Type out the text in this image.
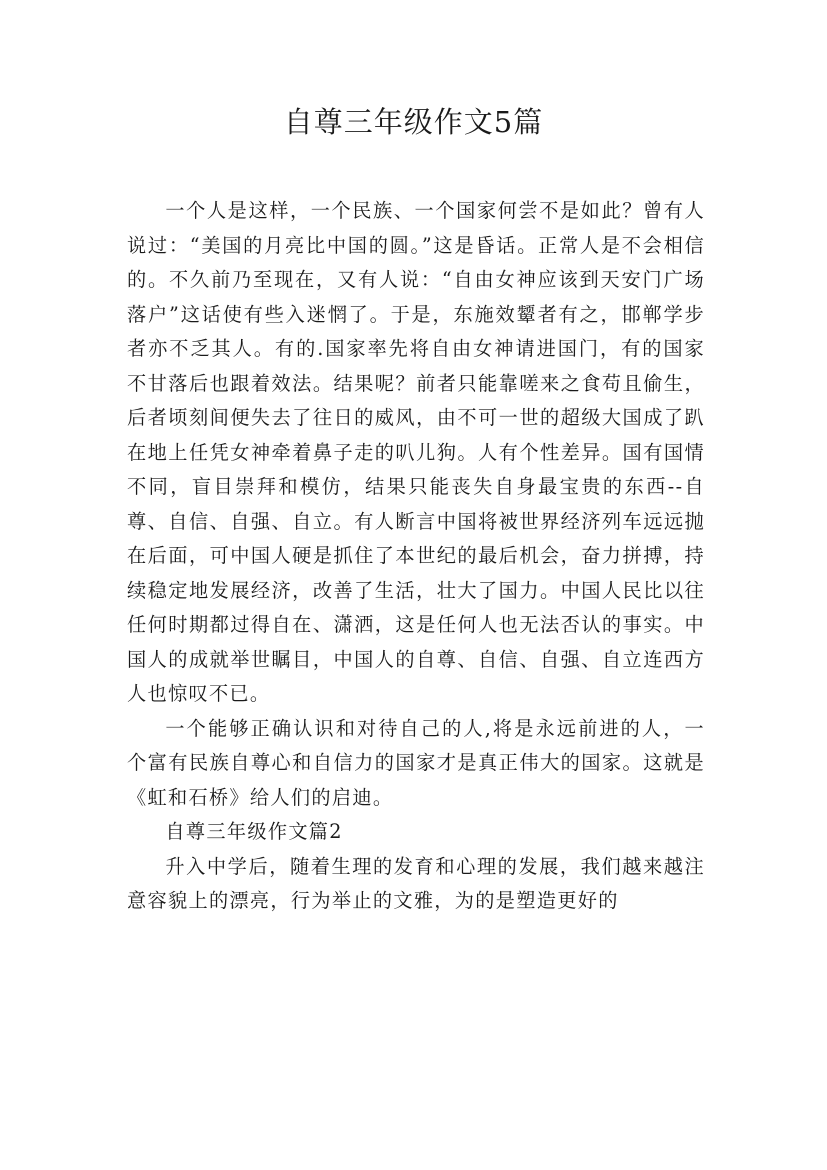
自尊三年级作文5篇

一个人是这样，一个民族、一个国家何尝不是如此？曾有人说过：“美国的月亮比中国的圆。”这是昏话。正常人是不会相信的。不久前乃至现在，又有人说：“自由女神应该到天安门广场落户”这话使有些入迷惘了。于是，东施效颦者有之，邯郸学步者亦不乏其人。有的.国家率先将自由女神请进国门，有的国家不甘落后也跟着效法。结果呢？前者只能靠嗟来之食苟且偷生，后者顷刻间便失去了往日的威风，由不可一世的超级大国成了趴在地上任凭女神牵着鼻子走的叭儿狗。人有个性差异。国有国情不同，盲目崇拜和模仿，结果只能丧失自身最宝贵的东西--自尊、自信、自强、自立。有人断言中国将被世界经济列车远远抛在后面，可中国人硬是抓住了本世纪的最后机会，奋力拼搏，持续稳定地发展经济，改善了生活，壮大了国力。中国人民比以往任何时期都过得自在、潇洒，这是任何人也无法否认的事实。中国人的成就举世瞩目，中国人的自尊、自信、自强、自立连西方人也惊叹不已。

一个能够正确认识和对待自己的人,将是永远前进的人，一个富有民族自尊心和自信力的国家才是真正伟大的国家。这就是《虹和石桥》给人们的启迪。

自尊三年级作文篇2

升入中学后，随着生理的发育和心理的发展，我们越来越注意容貌上的漂亮，行为举止的文雅，为的是塑造更好的
